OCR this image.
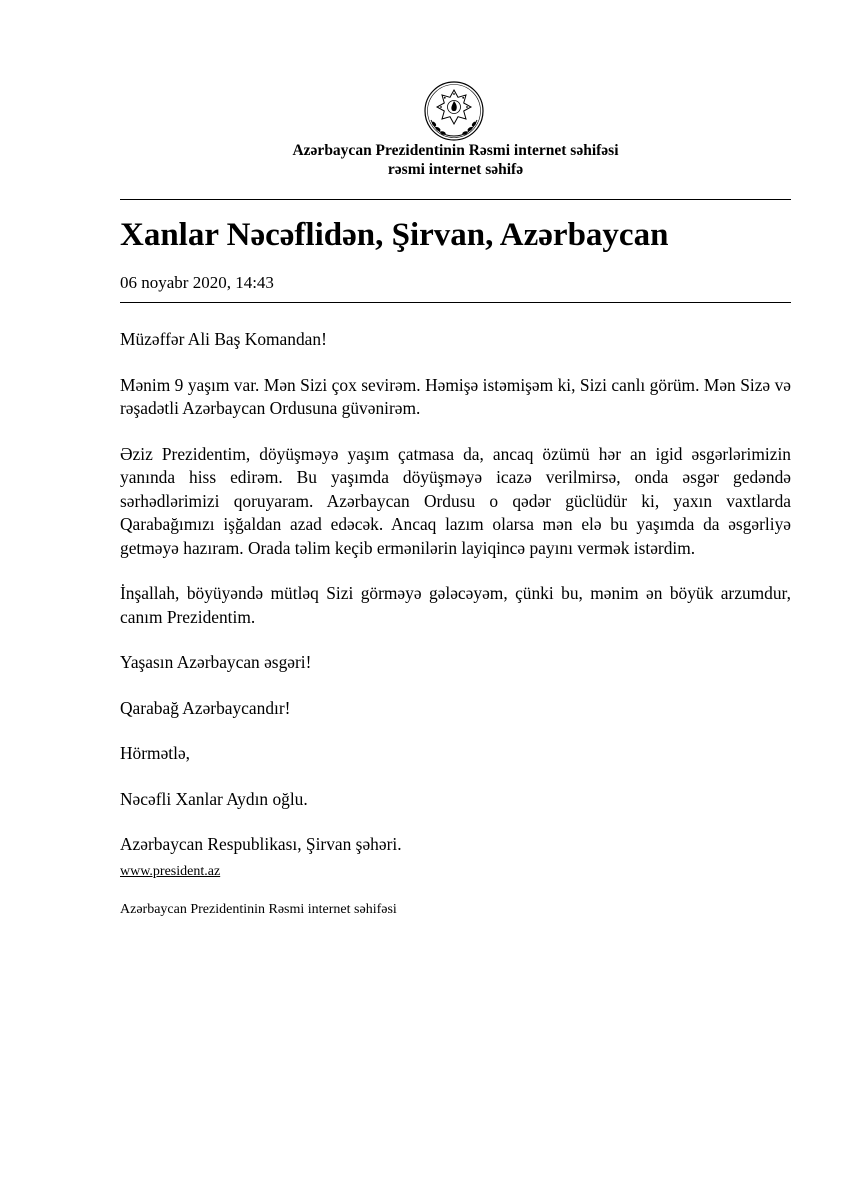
Azərbaycan Prezidentinin Rəsmi internet səhifəsi
rəsmi internet səhifə
Xanlar Nəcəflidən, Şirvan, Azərbaycan
06 noyabr 2020, 14:43

Müzəffər Ali Baş Komandan!

Mənim 9 yaşım var. Mən Sizi çox sevirəm. Həmişə istəmişəm ki, Sizi canlı görüm. Mən Sizə və rəşadətli Azərbaycan Ordusuna güvənirəm.

Əziz Prezidentim, döyüşməyə yaşım çatmasa da, ancaq özümü hər an igid əsgərlərimizin yanında hiss edirəm. Bu yaşımda döyüşməyə icazə verilmirsə, onda əsgər gedəndə sərhədlərimizi qoruyaram. Azərbaycan Ordusu o qədər güclüdür ki, yaxın vaxtlarda Qarabağımızı işğaldan azad edəcək. Ancaq lazım olarsa mən elə bu yaşımda da əsgərliyə getməyə hazıram. Orada təlim keçib ermənilərin layiqincə payını vermək istərdim.

İnşallah, böyüyəndə mütləq Sizi görməyə gələcəyəm, çünki bu, mənim ən böyük arzumdur, canım Prezidentim.

Yaşasın Azərbaycan əsgəri!

Qarabağ Azərbaycandır!

Hörmətlə,

Nəcəfli Xanlar Aydın oğlu.

Azərbaycan Respublikası, Şirvan şəhəri.

www.president.az
Azərbaycan Prezidentinin Rəsmi internet səhifəsi
